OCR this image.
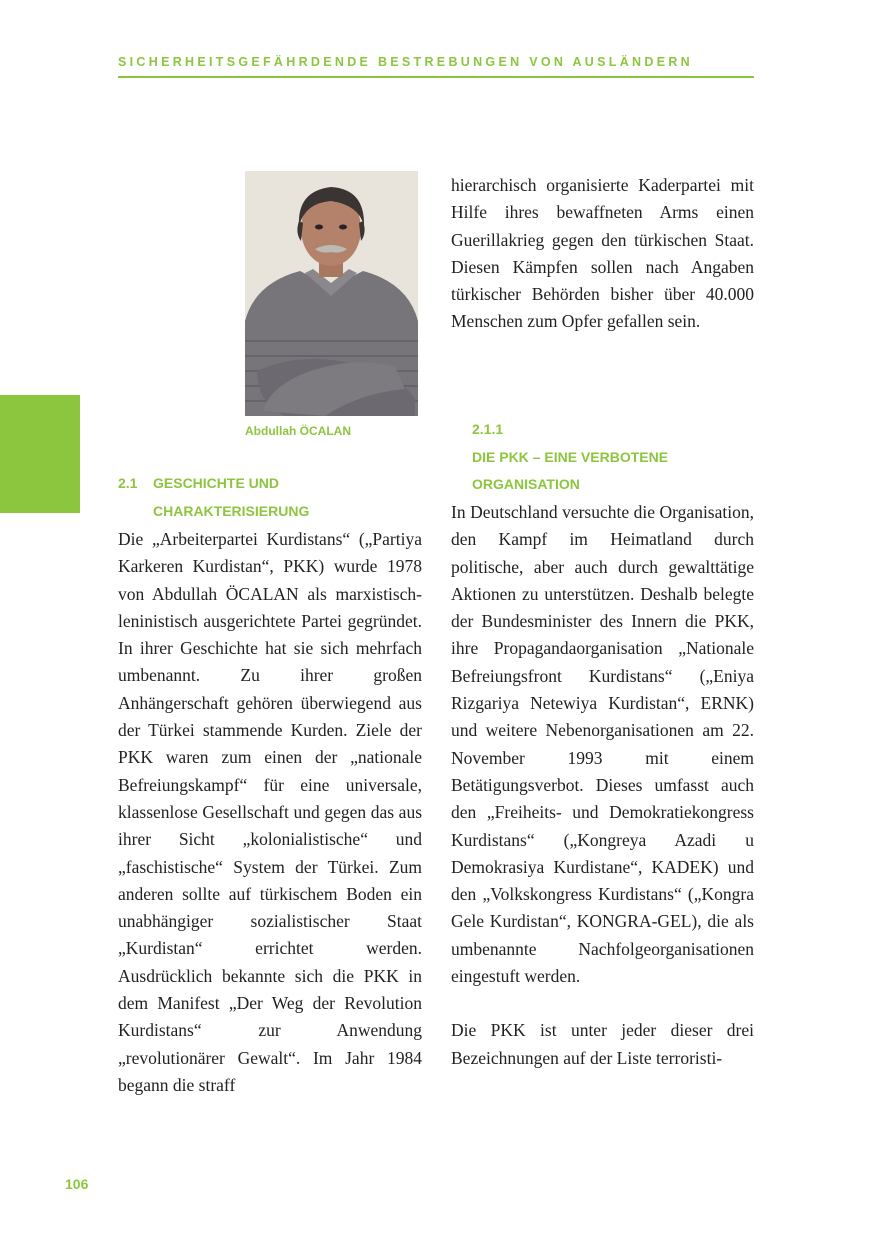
SICHERHEITSGEFÄHRDENDE BESTREBUNGEN VON AUSLÄNDERN
Abdullah ÖCALAN
2.1 GESCHICHTE UND
CHARAKTERISIERUNG

Die „Arbeiterpartei Kurdistans“ („Partiya Karkeren Kurdistan“, PKK) wurde 1978 von Abdullah ÖCALAN als marxistisch-leninistisch ausgerichtete Partei gegründet. In ihrer Geschichte hat sie sich mehrfach umbenannt. Zu ihrer großen Anhängerschaft gehören überwiegend aus der Türkei stammende Kurden. Ziele der PKK waren zum einen der „nationale Befreiungskampf“ für eine universale, klassenlose Gesellschaft und gegen das aus ihrer Sicht „kolonialistische“ und „faschistische“ System der Türkei. Zum anderen sollte auf türkischem Boden ein unabhängiger sozialistischer Staat „Kurdistan“ errichtet werden. Ausdrücklich bekannte sich die PKK in dem Manifest „Der Weg der Revolution Kurdistans“ zur Anwendung „revolutionärer Gewalt“. Im Jahr 1984 begann die straff

hierarchisch organisierte Kaderpartei mit Hilfe ihres bewaffneten Arms einen Guerillakrieg gegen den türkischen Staat. Diesen Kämpfen sollen nach Angaben türkischer Behörden bisher über 40.000 Menschen zum Opfer gefallen sein.

2.1.1
DIE PKK – EINE VERBOTENE
ORGANISATION

In Deutschland versuchte die Organisation, den Kampf im Heimatland durch politische, aber auch durch gewalttätige Aktionen zu unterstützen. Deshalb belegte der Bundesminister des Innern die PKK, ihre Propagandaorganisation „Nationale Befreiungsfront Kurdistans“ („Eniya Rizgariya Netewiya Kurdistan“, ERNK) und weitere Nebenorganisationen am 22. November 1993 mit einem Betätigungsverbot. Dieses umfasst auch den „Freiheits- und Demokratiekongress Kurdistans“ („Kongreya Azadi u Demokrasiya Kurdistane“, KADEK) und den „Volkskongress Kurdistans“ („Kongra Gele Kurdistan“, KONGRA-GEL), die als umbenannte Nachfolgeorganisationen eingestuft werden.

Die PKK ist unter jeder dieser drei Bezeichnungen auf der Liste terroristi-

106
